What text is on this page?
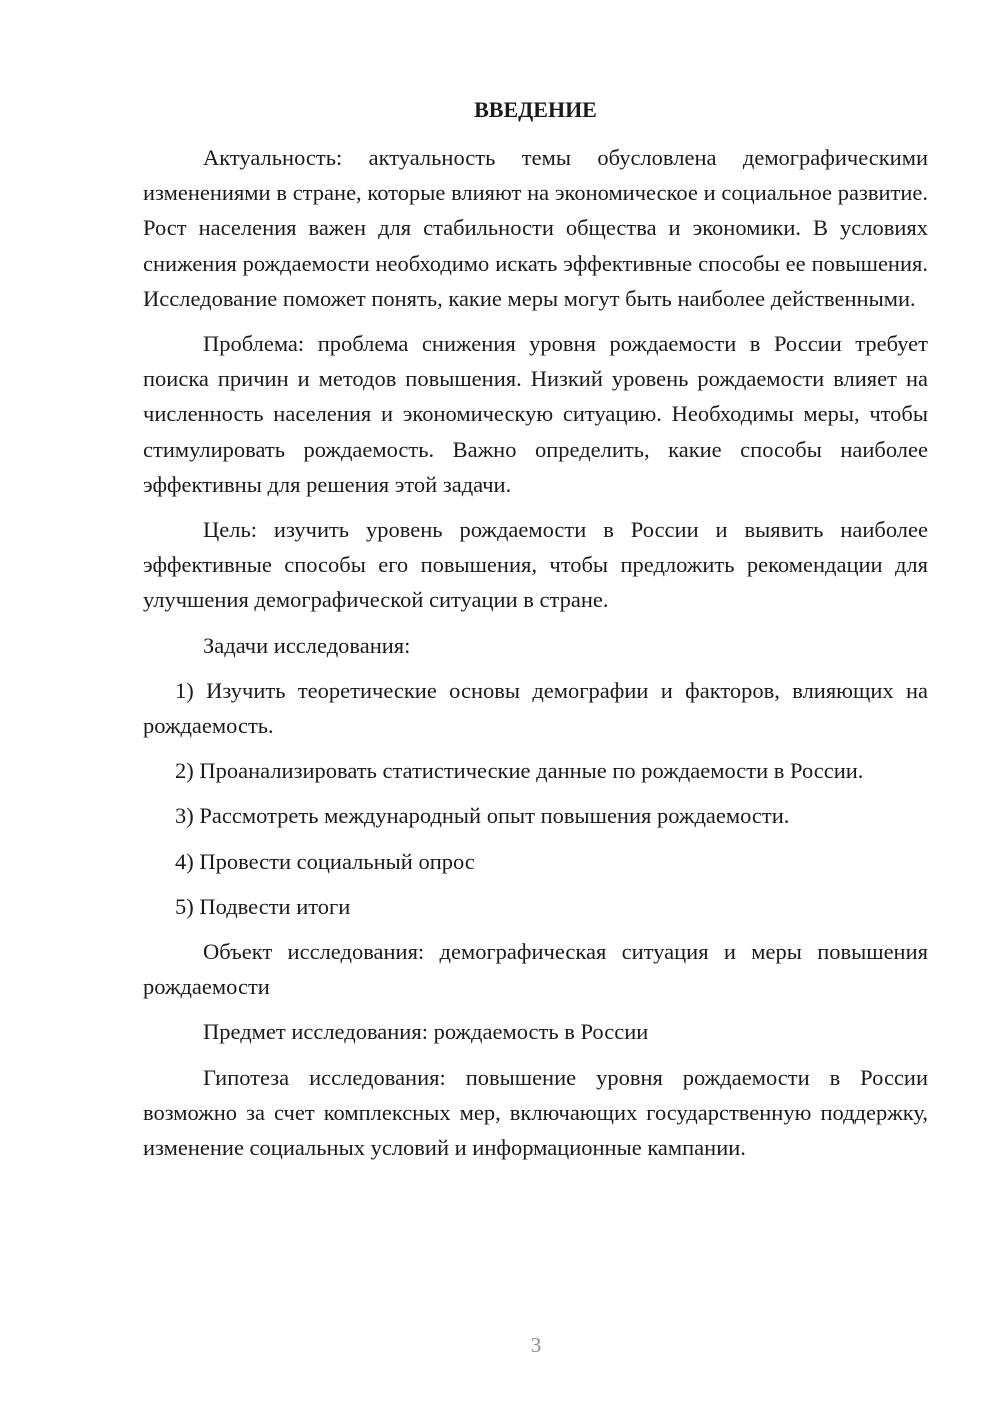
ВВЕДЕНИЕ

Актуальность: актуальность темы обусловлена демографическими изменениями в стране, которые влияют на экономическое и социальное развитие. Рост населения важен для стабильности общества и экономики. В условиях снижения рождаемости необходимо искать эффективные способы ее повышения. Исследование поможет понять, какие меры могут быть наиболее действенными.

Проблема: проблема снижения уровня рождаемости в России требует поиска причин и методов повышения. Низкий уровень рождаемости влияет на численность населения и экономическую ситуацию. Необходимы меры, чтобы стимулировать рождаемость. Важно определить, какие способы наиболее эффективны для решения этой задачи.

Цель: изучить уровень рождаемости в России и выявить наиболее эффективные способы его повышения, чтобы предложить рекомендации для улучшения демографической ситуации в стране.

Задачи исследования:

1) Изучить теоретические основы демографии и факторов, влияющих на рождаемость.

2) Проанализировать статистические данные по рождаемости в России.

3) Рассмотреть международный опыт повышения рождаемости.

4) Провести социальный опрос

5) Подвести итоги

Объект исследования: демографическая ситуация и меры повышения рождаемости

Предмет исследования: рождаемость в России

Гипотеза исследования: повышение уровня рождаемости в России возможно за счет комплексных мер, включающих государственную поддержку, изменение социальных условий и информационные кампании.

3
